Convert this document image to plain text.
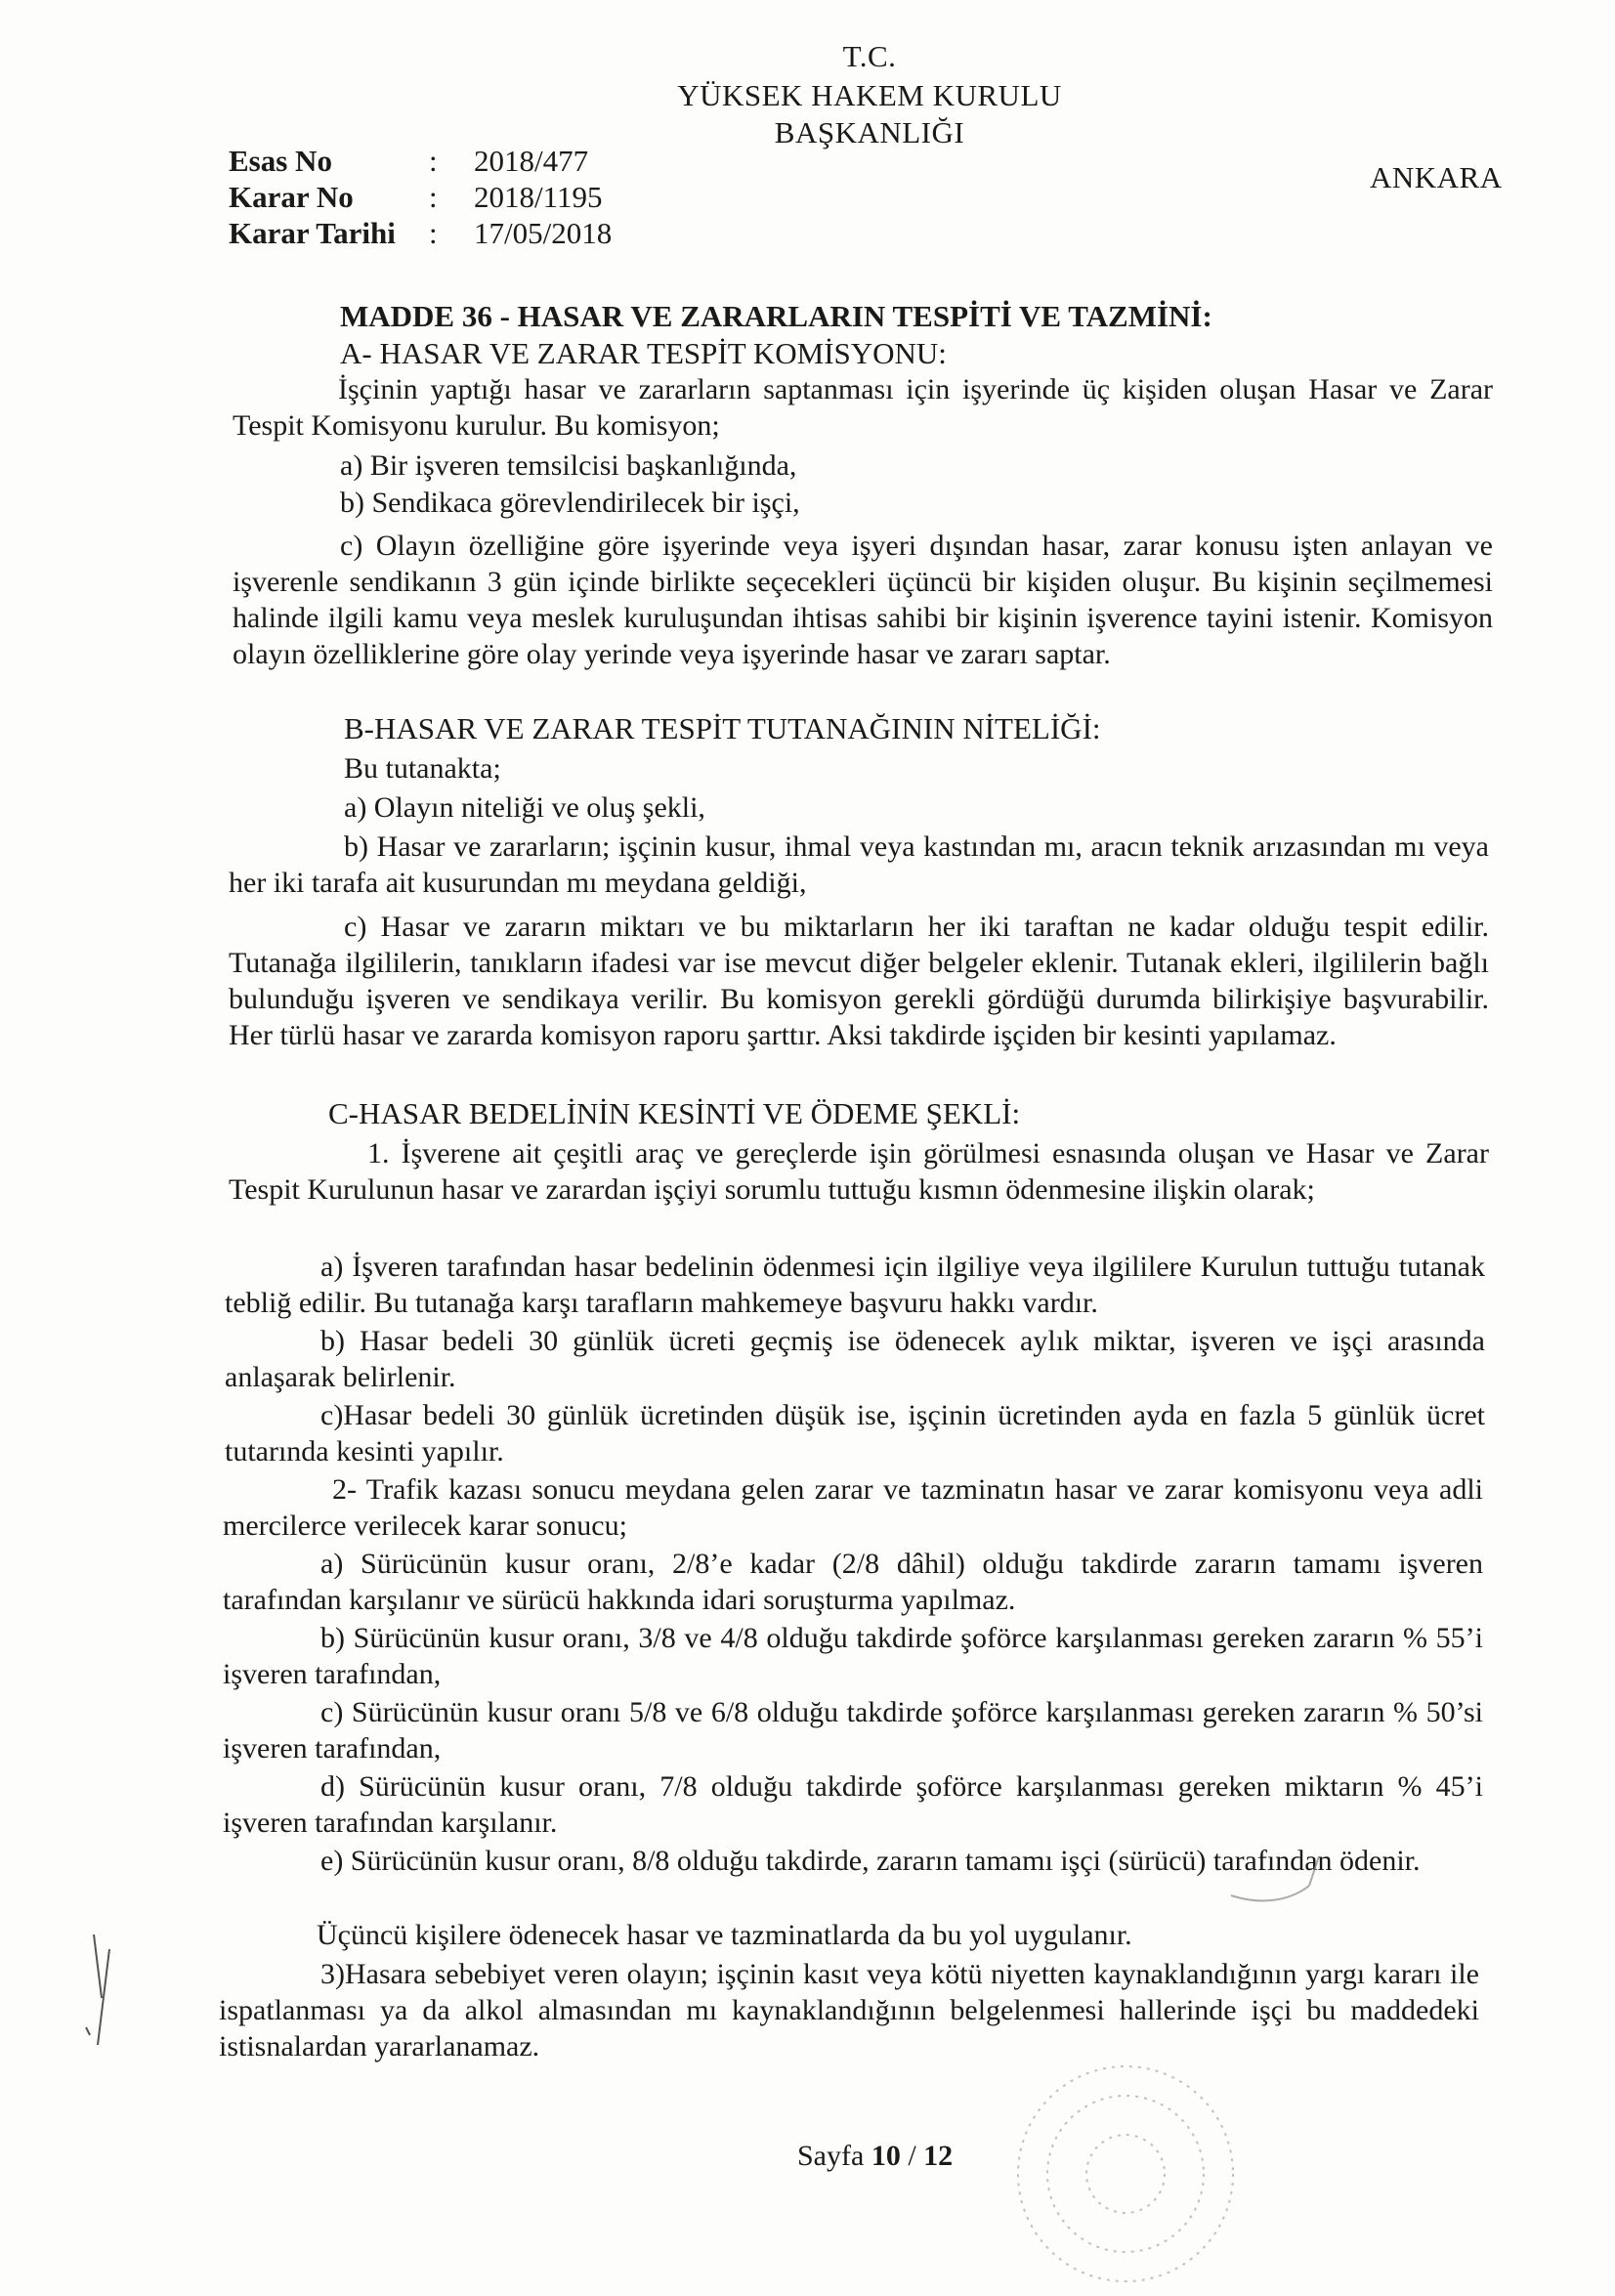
T.C.
YÜKSEK HAKEM KURULU
BAŞKANLIĞI
ANKARA
Esas No	: 2018/477
Karar No : 2018/1195
Karar Tarihi : 17/05/2018
MADDE 36 - HASAR VE ZARARLARIN TESPİTİ VE TAZMİNİ:
A- HASAR VE ZARAR TESPİT KOMİSYONU:
İşçinin yaptığı hasar ve zararların saptanması için işyerinde üç kişiden oluşan Hasar ve Zarar Tespit Komisyonu kurulur. Bu komisyon;
a) Bir işveren temsilcisi başkanlığında,
b) Sendikaca görevlendirilecek bir işçi,
c) Olayın özelliğine göre işyerinde veya işyeri dışından hasar, zarar konusu işten anlayan ve işverenle sendikanın 3 gün içinde birlikte seçecekleri üçüncü bir kişiden oluşur. Bu kişinin seçilmemesi halinde ilgili kamu veya meslek kuruluşundan ihtisas sahibi bir kişinin işverence tayini istenir. Komisyon olayın özelliklerine göre olay yerinde veya işyerinde hasar ve zararı saptar.
B-HASAR VE ZARAR TESPİT TUTANAĞININ NİTELİĞİ:
Bu tutanakta;
a) Olayın niteliği ve oluş şekli,
b) Hasar ve zararların; işçinin kusur, ihmal veya kastından mı, aracın teknik arızasından mı veya her iki tarafa ait kusurundan mı meydana geldiği,
c) Hasar ve zararın miktarı ve bu miktarların her iki taraftan ne kadar olduğu tespit edilir. Tutanağa ilgililerin, tanıkların ifadesi var ise mevcut diğer belgeler eklenir. Tutanak ekleri, ilgililerin bağlı bulunduğu işveren ve sendikaya verilir. Bu komisyon gerekli gördüğü durumda bilirkişiye başvurabilir. Her türlü hasar ve zararda komisyon raporu şarttır. Aksi takdirde işçiden bir kesinti yapılamaz.
C-HASAR BEDELİNİN KESİNTİ VE ÖDEME ŞEKLİ:
1. İşverene ait çeşitli araç ve gereçlerde işin görülmesi esnasında oluşan ve Hasar ve Zarar Tespit Kurulunun hasar ve zarardan işçiyi sorumlu tuttuğu kısmın ödenmesine ilişkin olarak;
a) İşveren tarafından hasar bedelinin ödenmesi için ilgiliye veya ilgililere Kurulun tuttuğu tutanak tebliğ edilir. Bu tutanağa karşı tarafların mahkemeye başvuru hakkı vardır.
b) Hasar bedeli 30 günlük ücreti geçmiş ise ödenecek aylık miktar, işveren ve işçi arasında anlaşarak belirlenir.
c)Hasar bedeli 30 günlük ücretinden düşük ise, işçinin ücretinden ayda en fazla 5 günlük ücret tutarında kesinti yapılır.
2- Trafik kazası sonucu meydana gelen zarar ve tazminatın hasar ve zarar komisyonu veya adli mercilerce verilecek karar sonucu;
a) Sürücünün kusur oranı, 2/8’e kadar (2/8 dâhil) olduğu takdirde zararın tamamı işveren tarafından karşılanır ve sürücü hakkında idari soruşturma yapılmaz.
b) Sürücünün kusur oranı, 3/8 ve 4/8 olduğu takdirde şoförce karşılanması gereken zararın % 55’i işveren tarafından,
c) Sürücünün kusur oranı 5/8 ve 6/8 olduğu takdirde şoförce karşılanması gereken zararın % 50’si işveren tarafından,
d) Sürücünün kusur oranı, 7/8 olduğu takdirde şoförce karşılanması gereken miktarın % 45’i işveren tarafından karşılanır.
e) Sürücünün kusur oranı, 8/8 olduğu takdirde, zararın tamamı işçi (sürücü) tarafından ödenir.
Üçüncü kişilere ödenecek hasar ve tazminatlarda da bu yol uygulanır.
3)Hasara sebebiyet veren olayın; işçinin kasıt veya kötü niyetten kaynaklandığının yargı kararı ile ispatlanması ya da alkol almasından mı kaynaklandığının belgelenmesi hallerinde işçi bu maddedeki istisnalardan yararlanamaz.
Sayfa 10 / 12
